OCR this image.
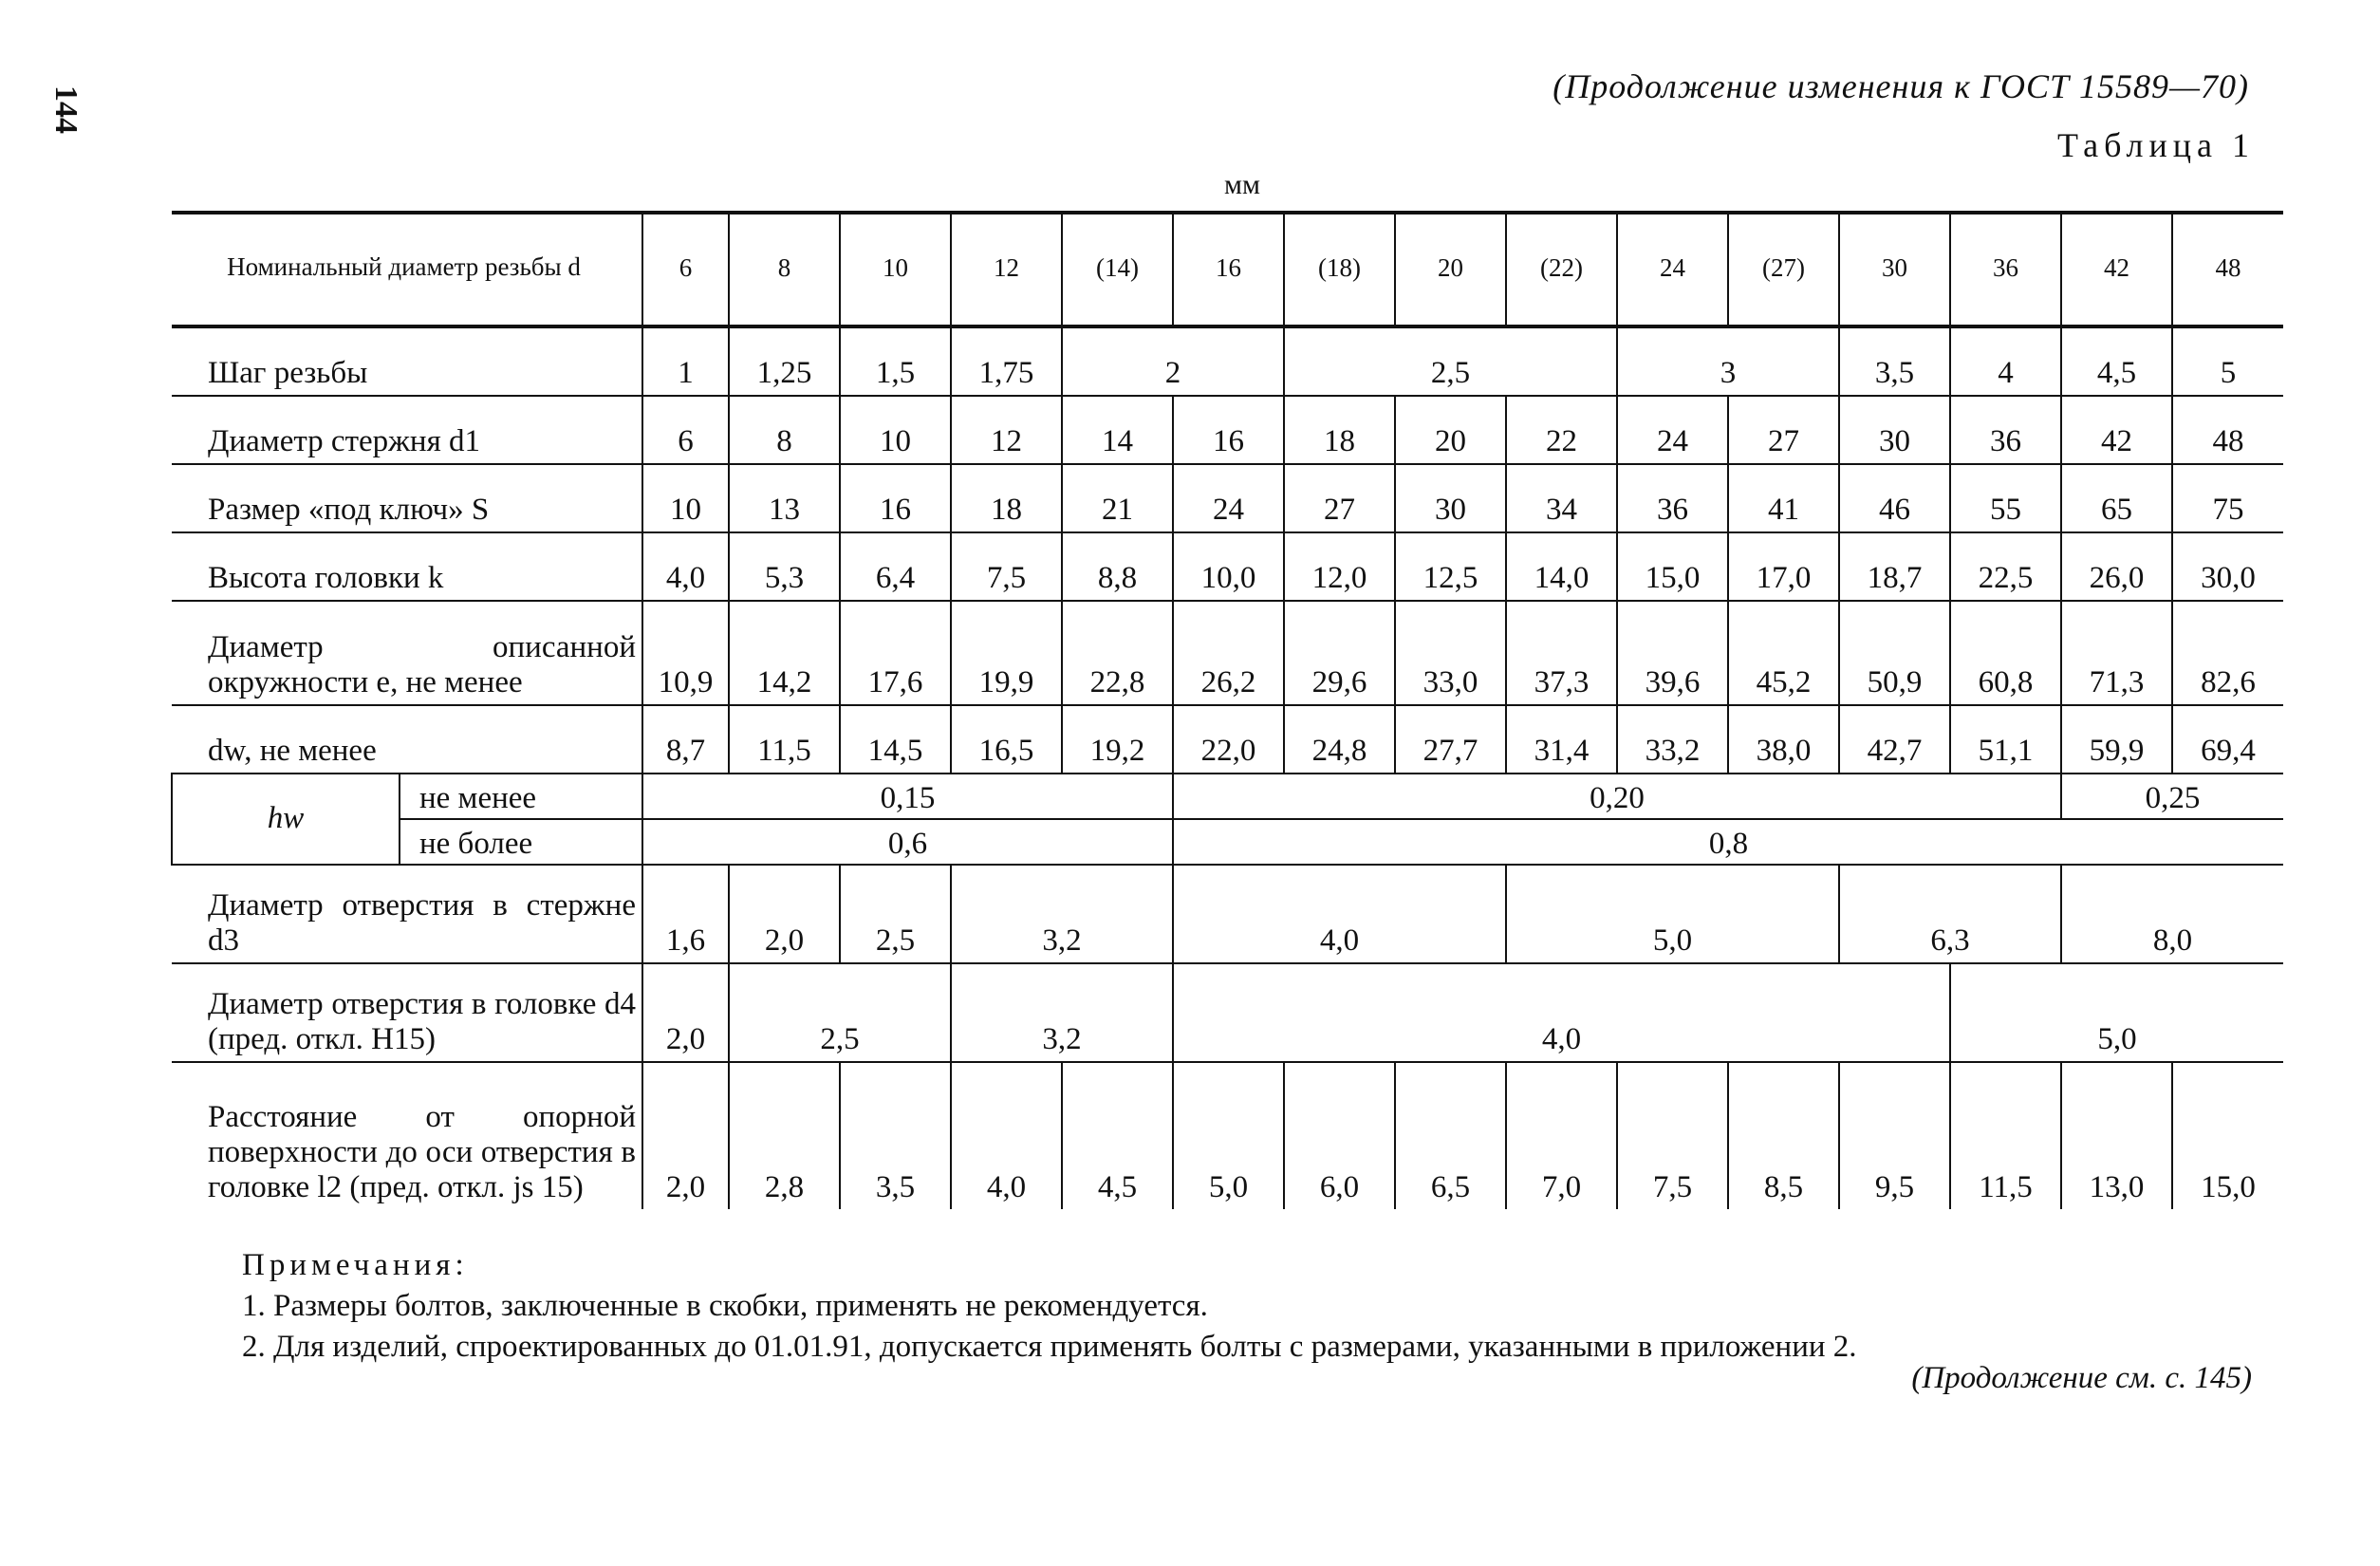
144	(Продолжение изменения к ГОСТ 15589—70)
Таблица 1
мм
Номинальный диаметр резьбы d		6	8	10	12	(14)	16	(18)	20	(22)	24	(27)	30	36	42	48
Шаг резьбы		1	1,25	1,5	1,75	2		2,5			3		3,5	4	4,5	5
Диаметр стержня d1		6	8	10	12	14	16	18	20	22	24	27	30	36	42	48
Размер «под ключ» S		10	13	16	18	21	24	27	30	34	36	41	46	55	65	75
Высота головки k		4,0	5,3	6,4	7,5	8,8	10,0	12,0	12,5	14,0	15,0	17,0	18,7	22,5	26,0	30,0
Диаметр описанной окружности e, не менее		10,9	14,2	17,6	19,9	22,8	26,2	29,6	33,0	37,3	39,6	45,2	50,9	60,8	71,3	82,6
dw, не менее		8,7	11,5	14,5	16,5	19,2	22,0	24,8	27,7	31,4	33,2	38,0	42,7	51,1	59,9	69,4
hw	не менее	0,15					0,20								0,25	
	не более	0,6					0,8									
Диаметр отверстия в стержне d3		1,6	2,0	2,5	3,2		4,0			5,0			6,3		8,0	
Диаметр отверстия в головке d4 (пред. откл. H15)		2,0	2,5		3,2		4,0							5,0		
Расстояние от опорной поверхности до оси отверстия в головке l2 (пред. откл. js 15)		2,0	2,8	3,5	4,0	4,5	5,0	6,0	6,5	7,0	7,5	8,5	9,5	11,5	13,0	15,0
Примечания:
1. Размеры болтов, заключенные в скобки, применять не рекомендуется.
2. Для изделий, спроектированных до 01.01.91, допускается применять болты с размерами, указанными в приложении 2.
(Продолжение см. с. 145)
